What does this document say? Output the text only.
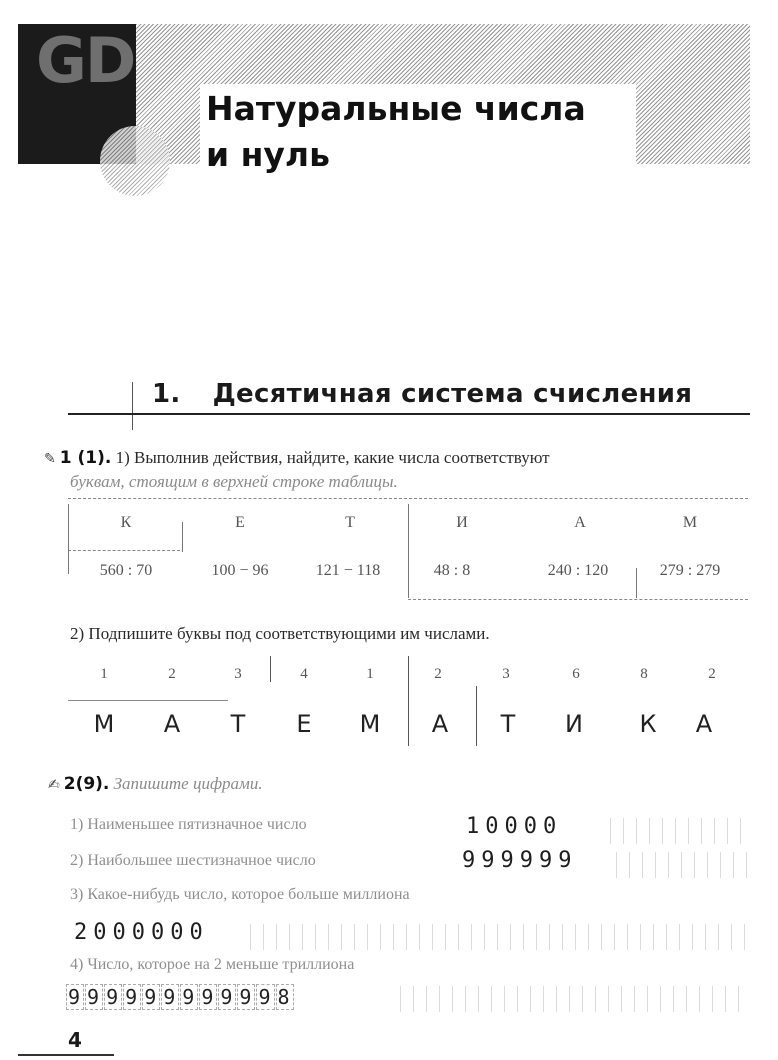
GD
Натуральные числа
и нуль
1. Десятичная система счисления
✎ 1 (1). 1) Выполнив действия, найдите, какие числа соответствуют
буквам, стоящим в верхней строке таблицы.
К	Е	Т	И	А	М
560 : 70	100 − 96	121 − 118	48 : 8	240 : 120	279 : 279
2) Подпишите буквы под соответствующими им числами.
1	2	3	4	1	2	3	6	8	2
М А Т Е М А Т И К А
✍ 2(9). Запишите цифрами.
1) Наименьшее пятизначное число	10000
2) Наибольшее шестизначное число	999999
3) Какое-нибудь число, которое больше миллиона
2000000
4) Число, которое на 2 меньше триллиона
9 9 9 9 9 9 9 9 9 9 9 8
4
